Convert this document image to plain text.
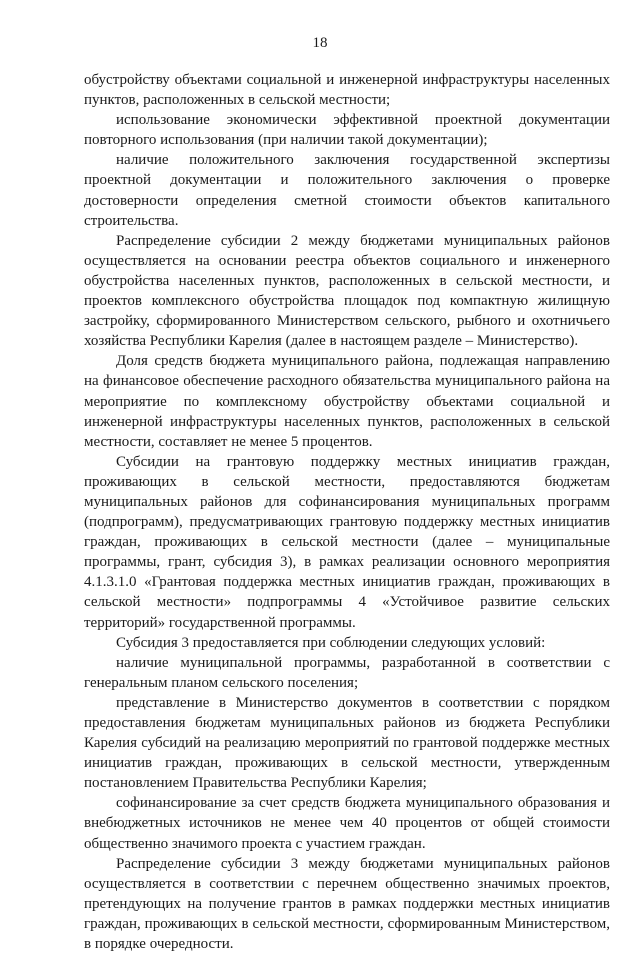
18

обустройству объектами социальной и инженерной инфраструктуры населенных пунктов, расположенных в сельской местности;

использование экономически эффективной проектной документации повторного использования (при наличии такой документации);

наличие положительного заключения государственной экспертизы проектной документации и положительного заключения о проверке достоверности определения сметной стоимости объектов капитального строительства.

Распределение субсидии 2 между бюджетами муниципальных районов осуществляется на основании реестра объектов социального и инженерного обустройства населенных пунктов, расположенных в сельской местности, и проектов комплексного обустройства площадок под компактную жилищную застройку, сформированного Министерством сельского, рыбного и охотничьего хозяйства Республики Карелия (далее в настоящем разделе – Министерство).

Доля средств бюджета муниципального района, подлежащая направлению на финансовое обеспечение расходного обязательства муниципального района на мероприятие по комплексному обустройству объектами социальной и инженерной инфраструктуры населенных пунктов, расположенных в сельской местности, составляет не менее 5 процентов.

Субсидии на грантовую поддержку местных инициатив граждан, проживающих в сельской местности, предоставляются бюджетам муниципальных районов для софинансирования муниципальных программ (подпрограмм), предусматривающих грантовую поддержку местных инициатив граждан, проживающих в сельской местности (далее – муниципальные программы, грант, субсидия 3), в рамках реализации основного мероприятия 4.1.3.1.0 «Грантовая поддержка местных инициатив граждан, проживающих в сельской местности» подпрограммы 4 «Устойчивое развитие сельских территорий» государственной программы.

Субсидия 3 предоставляется при соблюдении следующих условий:

наличие муниципальной программы, разработанной в соответствии с генеральным планом сельского поселения;

представление в Министерство документов в соответствии с порядком предоставления бюджетам муниципальных районов из бюджета Республики Карелия субсидий на реализацию мероприятий по грантовой поддержке местных инициатив граждан, проживающих в сельской местности, утвержденным постановлением Правительства Республики Карелия;

софинансирование за счет средств бюджета муниципального образования и внебюджетных источников не менее чем 40 процентов от общей стоимости общественно значимого проекта с участием граждан.

Распределение субсидии 3 между бюджетами муниципальных районов осуществляется в соответствии с перечнем общественно значимых проектов, претендующих на получение грантов в рамках поддержки местных инициатив граждан, проживающих в сельской местности, сформированным Министерством, в порядке очередности.
